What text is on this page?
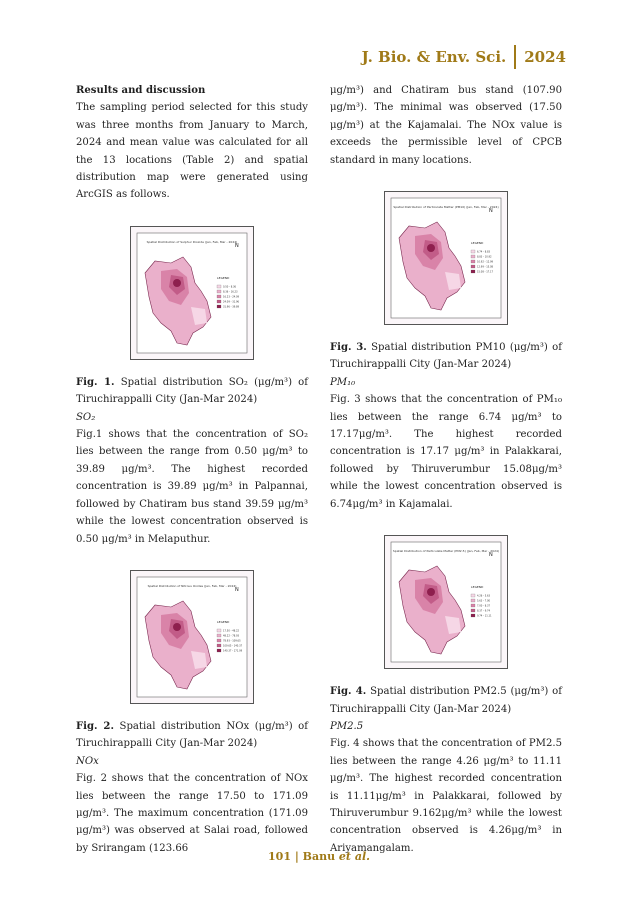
J. Bio. & Env. Sci. 2024

Results and discussion

The sampling period selected for this study was three months from January to March, 2024 and mean value was calculated for all the 13 locations (Table 2) and spatial distribution map were generated using ArcGIS as follows.

Spatial Distribution of Sulphur Dioxide (Jan, Feb, Mar - 2024)
N
LEGEND
0.50 - 8.36
8.36 - 16.23
16.23 - 24.09
24.09 - 31.96
31.96 - 39.89

Fig. 1. Spatial distribution SO₂ (μg/m³) of Tiruchirappalli City (Jan-Mar 2024)

SO₂

Fig.1 shows that the concentration of SO₂ lies between the range from 0.50 μg/m³ to 39.89 μg/m³. The highest recorded concentration is 39.89 μg/m³ in Palpannai, followed by Chatiram bus stand 39.59 μg/m³ while the lowest concentration observed is 0.50 μg/m³ in Melaputhur.

Spatial Distribution of Nitrous Oxides (Jan, Feb, Mar - 2024)
N
LEGEND
17.50 - 48.22
48.22 - 78.93
78.93 - 109.65
109.65 - 140.37
140.37 - 171.09

Fig. 2. Spatial distribution NOx (μg/m³) of Tiruchirappalli City (Jan-Mar 2024)

NOx

Fig. 2 shows that the concentration of NOx lies between the range 17.50 to 171.09 μg/m³. The maximum concentration (171.09 μg/m³) was observed at Salai road, followed by Srirangam (123.66

μg/m³) and Chatiram bus stand (107.90 μg/m³). The minimal was observed (17.50 μg/m³) at the Kajamalai. The NOx value is exceeds the permissible level of CPCB standard in many locations.

Spatial Distribution of Particulate Matter (PM10) (Jan, Feb, Mar - 2024)
N
LEGEND
6.74 - 8.83
8.83 - 10.92
10.92 - 12.99
12.99 - 15.08
15.08 - 17.17

Fig. 3. Spatial distribution PM10 (μg/m³) of Tiruchirappalli City (Jan-Mar 2024)

PM₁₀

Fig. 3 shows that the concentration of PM₁₀ lies between the range 6.74 μg/m³ to 17.17μg/m³. The highest recorded concentration is 17.17 μg/m³ in Palakkarai, followed by Thiruverumbur 15.08μg/m³ while the lowest concentration observed is 6.74μg/m³ in Kajamalai.

Spatial Distribution of Particulate Matter (PM2.5) (Jan, Feb, Mar - 2024)
N
LEGEND
4.26 - 5.63
5.63 - 7.00
7.00 - 8.37
8.37 - 9.74
9.74 - 11.11

Fig. 4. Spatial distribution PM2.5 (μg/m³) of Tiruchirappalli City (Jan-Mar 2024)

PM2.5

Fig. 4 shows that the concentration of PM2.5 lies between the range 4.26 μg/m³ to 11.11 μg/m³. The highest recorded concentration is 11.11μg/m³ in Palakkarai, followed by Thiruverumbur 9.162μg/m³ while the lowest concentration observed is 4.26μg/m³ in Ariyamangalam.

101 | Banu et al.
